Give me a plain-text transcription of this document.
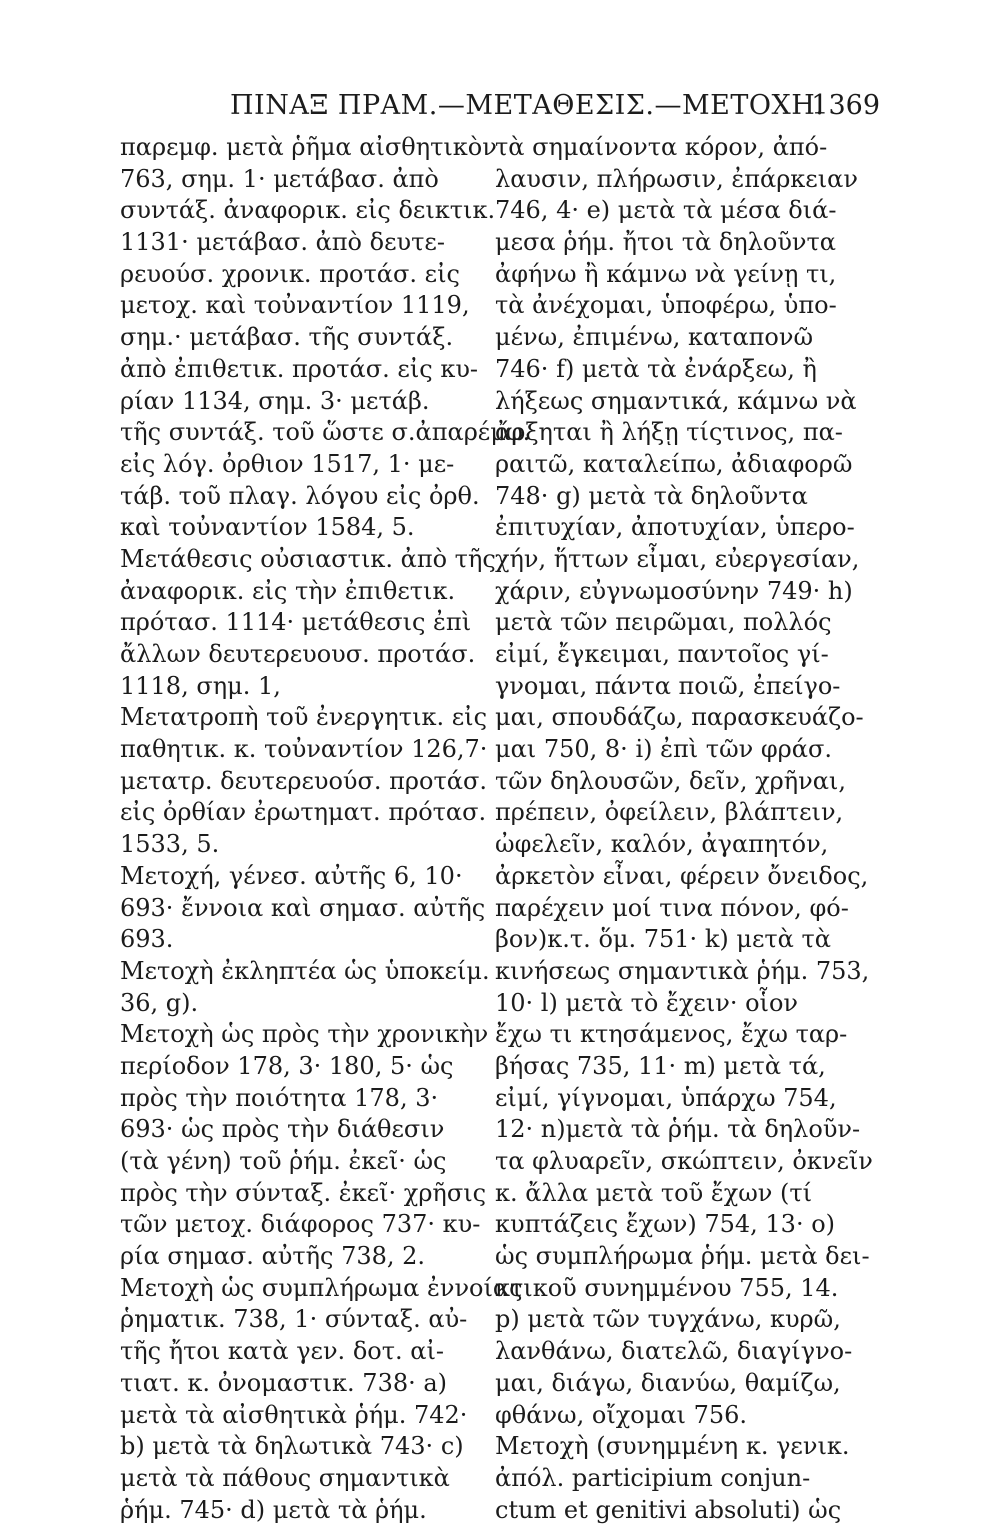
ΠΙΝΑΞ ΠΡΑΜ.—ΜΕΤΑΘΕΣΙΣ.—ΜΕΤΟΧΗ.
1369
παρεμφ. μετὰ ῥῆμα αἰσθητικὸν
763, σημ. 1· μετάβασ. ἀπὸ
συντάξ. ἀναφορικ. εἰς δεικτικ.
1131· μετάβασ. ἀπὸ δευτε-
ρευούσ. χρονικ. προτάσ. εἰς
μετοχ. καὶ τοὐναντίον 1119,
σημ.· μετάβασ. τῆς συντάξ.
ἀπὸ ἐπιθετικ. προτάσ. εἰς κυ-
ρίαν 1134, σημ. 3· μετάβ.
τῆς συντάξ. τοῦ ὥστε σ.ἀπαρέμφ.
εἰς λόγ. ὀρθιον 1517, 1· με-
τάβ. τοῦ πλαγ. λόγου εἰς ὀρθ.
καὶ τοὐναντίον 1584, 5.
Μετάθεσις οὐσιαστικ. ἀπὸ τῆς
ἀναφορικ. εἰς τὴν ἐπιθετικ.
πρότασ. 1114· μετάθεσις ἐπὶ
ἄλλων δευτερευουσ. προτάσ.
1118, σημ. 1,
Μετατροπὴ τοῦ ἐνεργητικ. εἰς
παθητικ. κ. τοὐναντίον 126,7·
μετατρ. δευτερευούσ. προτάσ.
εἰς ὀρθίαν ἐρωτηματ. πρότασ.
1533, 5.
Μετοχή, γένεσ. αὐτῆς 6, 10·
693· ἔννοια καὶ σημασ. αὐτῆς
693.
Μετοχὴ ἐκληπτέα ὡς ὑποκείμ.
36, g).
Μετοχὴ ὡς πρὸς τὴν χρονικὴν
περίοδον 178, 3· 180, 5· ὡς
πρὸς τὴν ποιότητα 178, 3·
693· ὡς πρὸς τὴν διάθεσιν
(τὰ γένη) τοῦ ῥήμ. ἐκεῖ· ὡς
πρὸς τὴν σύνταξ. ἐκεῖ· χρῆσις
τῶν μετοχ. διάφορος 737· κυ-
ρία σημασ. αὐτῆς 738, 2.
Μετοχὴ ὡς συμπλήρωμα ἐννοίας
ῥηματικ. 738, 1· σύνταξ. αὐ-
τῆς ἤτοι κατὰ γεν. δοτ. αἰ-
τιατ. κ. ὀνομαστικ. 738· a)
μετὰ τὰ αἰσθητικὰ ῥήμ. 742·
b) μετὰ τὰ δηλωτικὰ 743· c)
μετὰ τὰ πάθους σημαντικὰ
ῥήμ. 745· d) μετὰ τὰ ῥήμ.
τὰ σημαίνοντα κόρον, ἀπό-
λαυσιν, πλήρωσιν, ἐπάρκειαν
746, 4· e) μετὰ τὰ μέσα διά-
μεσα ῥήμ. ἤτοι τὰ δηλοῦντα
ἀφήνω ἢ κάμνω νὰ γείνῃ τι,
τὰ ἀνέχομαι, ὑποφέρω, ὑπο-
μένω, ἐπιμένω, καταπονῶ
746· f) μετὰ τὰ ἐνάρξεω, ἢ
λήξεως σημαντικά, κάμνω νὰ
ἄρξηται ἢ λήξῃ τίςτινος, πα-
ραιτῶ, καταλείπω, ἀδιαφορῶ
748· g) μετὰ τὰ δηλοῦντα
ἐπιτυχίαν, ἀποτυχίαν, ὑπερο-
χήν, ἥττων εἶμαι, εὐεργεσίαν,
χάριν, εὐγνωμοσύνην 749· h)
μετὰ τῶν πειρῶμαι, πολλός
εἰμί, ἔγκειμαι, παντοῖος γί-
γνομαι, πάντα ποιῶ, ἐπείγο-
μαι, σπουδάζω, παρασκευάζο-
μαι 750, 8· i) ἐπὶ τῶν φράσ.
τῶν δηλουσῶν, δεῖν, χρῆναι,
πρέπειν, ὀφείλειν, βλάπτειν,
ὠφελεῖν, καλόν, ἀγαπητόν,
ἀρκετὸν εἶναι, φέρειν ὄνειδος,
παρέχειν μοί τινα πόνον, φό-
βον)κ.τ. ὅμ. 751· k) μετὰ τὰ
κινήσεως σημαντικὰ ῥήμ. 753,
10· l) μετὰ τὸ ἔχειν· οἷον
ἔχω τι κτησάμενος, ἔχω ταρ-
βήσας 735, 11· m) μετὰ τά,
εἰμί, γίγνομαι, ὑπάρχω 754,
12· n)μετὰ τὰ ῥήμ. τὰ δηλοῦν-
τα φλυαρεῖν, σκώπτειν, ὀκνεῖν
κ. ἄλλα μετὰ τοῦ ἔχων (τί
κυπτάζεις ἔχων) 754, 13· o)
ὡς συμπλήρωμα ῥήμ. μετὰ δει-
κτικοῦ συνημμένου 755, 14.
p) μετὰ τῶν τυγχάνω, κυρῶ,
λανθάνω, διατελῶ, διαγίγνο-
μαι, διάγω, διανύω, θαμίζω,
φθάνω, οἴχομαι 756.
Μετοχὴ (συνημμένη κ. γενικ.
ἀπόλ. participium conjun-
ctum et genitivi absoluti) ὡς
